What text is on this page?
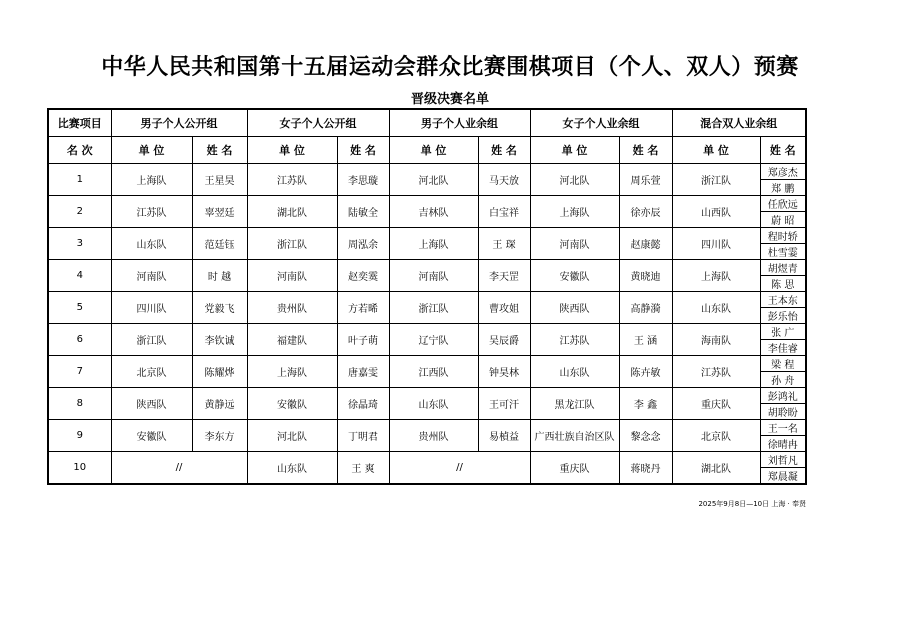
中华人民共和国第十五届运动会群众比赛围棋项目（个人、双人）预赛
晋级决赛名单
比赛项目	男子个人公开组		女子个人公开组		男子个人业余组		女子个人业余组		混合双人业余组	
名 次	单 位	姓 名	单 位	姓 名	单 位	姓 名	单 位	姓 名	单 位	姓 名
1	上海队	王星昊	江苏队	李思璇	河北队	马天放	河北队	周乐萱	浙江队	郑彦杰
										郑 鹏
2	江苏队	辜翌廷	湖北队	陆敏全	吉林队	白宝祥	上海队	徐亦辰	山西队	任欣远
										蔚 昭
3	山东队	范廷钰	浙江队	周泓余	上海队	王 琛	河南队	赵康懿	四川队	程时轿
										杜雪霎
4	河南队	时 越	河南队	赵奕霙	河南队	李天罡	安徽队	黄晓迪	上海队	胡煜青
										陈 思
5	四川队	党毅飞	贵州队	方若晞	浙江队	曹攻姐	陕西队	高静漪	山东队	王本东
										彭乐怡
6	浙江队	李钦诚	福建队	叶子萌	辽宁队	吴辰爵	江苏队	王 涵	海南队	张 广
										李佳睿
7	北京队	陈耀烨	上海队	唐嘉雯	江西队	钟昊林	山东队	陈卉敏	江苏队	梁 程
										孙 舟
8	陕西队	黄静远	安徽队	徐晶琦	山东队	王可汗	黑龙江队	李 鑫	重庆队	彭鸿礼
										胡聆盼
9	安徽队	李东方	河北队	丁明君	贵州队	易楨益	广西壮族自治区队	黎念念	北京队	王一名
										徐晴冉
10	//		山东队	王 爽	//		重庆队	蒋晓丹	湖北队	刘哲凡
										郑晨凝
2025年9月8日—10日 上海 · 奉贤
